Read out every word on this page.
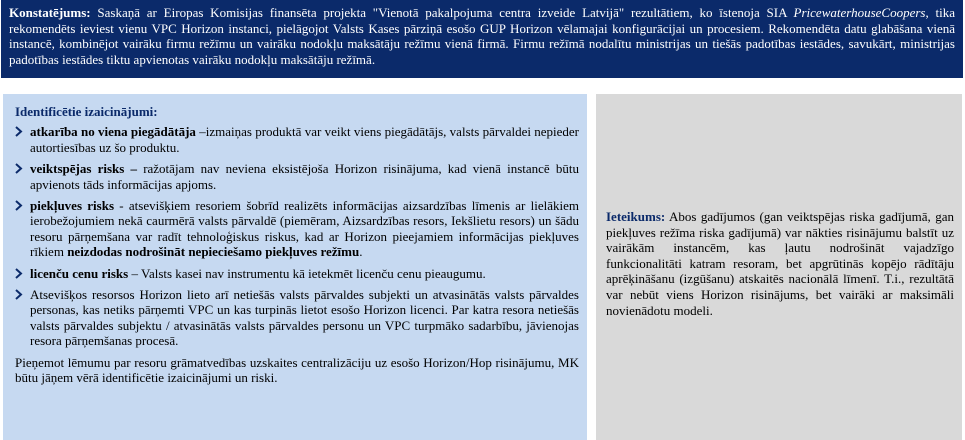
Konstatējums: Saskaņā ar Eiropas Komisijas finansēta projekta "Vienotā pakalpojuma centra izveide Latvijā" rezultātiem, ko īstenoja SIA PricewaterhouseCoopers, tika rekomendēts ieviest vienu VPC Horizon instanci, pielāgojot Valsts Kases pārziņā esošo GUP Horizon vēlamajai konfigurācijai un procesiem. Rekomendēta datu glabāšana vienā instancē, kombinējot vairāku firmu režīmu un vairāku nodokļu maksātāju režīmu vienā firmā. Firmu režīmā nodalītu ministrijas un tiešās padotības iestādes, savukārt, ministrijas padotības iestādes tiktu apvienotas vairāku nodokļu maksātāju režīmā.
Identificētie izaicinājumi:
atkarība no viena piegādātāja –izmaiņas produktā var veikt viens piegādātājs, valsts pārvaldei nepieder autortiesības uz šo produktu.
veiktspējas risks – ražotājam nav neviena eksistējoša Horizon risinājuma, kad vienā instancē būtu apvienots tāds informācijas apjoms.
piekļuves risks - atsevišķiem resoriem šobrīd realizēts informācijas aizsardzības līmenis ar lielākiem ierobežojumiem nekā caurmērā valsts pārvaldē (piemēram, Aizsardzības resors, Iekšlietu resors) un šādu resoru pārņemšana var radīt tehnoloģiskus riskus, kad ar Horizon pieejamiem informācijas piekļuves rīkiem neizdodas nodrošināt nepieciešamo piekļuves režīmu.
licenču cenu risks – Valsts kasei nav instrumentu kā ietekmēt licenču cenu pieaugumu.
Atsevišķos resorsos Horizon lieto arī netiešās valsts pārvaldes subjekti un atvasinātās valsts pārvaldes personas, kas netiks pārņemti VPC un kas turpinās lietot esošo Horizon licenci. Par katra resora netiešās valsts pārvaldes subjektu / atvasinātās valsts pārvaldes personu un VPC turpmāko sadarbību, jāvienojas resora pārņemšanas procesā.
Pieņemot lēmumu par resoru grāmatvedības uzskaites centralizāciju uz esošo Horizon/Hop risinājumu, MK būtu jāņem vērā identificētie izaicinājumi un riski.
Ieteikums: Abos gadījumos (gan veiktspējas riska gadījumā, gan piekļuves režīma riska gadījumā) var nākties risinājumu balstīt uz vairākām instancēm, kas ļautu nodrošināt vajadzīgo funkcionalitāti katram resoram, bet apgrūtinās kopējo rādītāju aprēķināšanu (izgūšanu) atskaitēs nacionālā līmenī. T.i., rezultātā var nebūt viens Horizon risinājums, bet vairāki ar maksimāli novienādotu modeli.
